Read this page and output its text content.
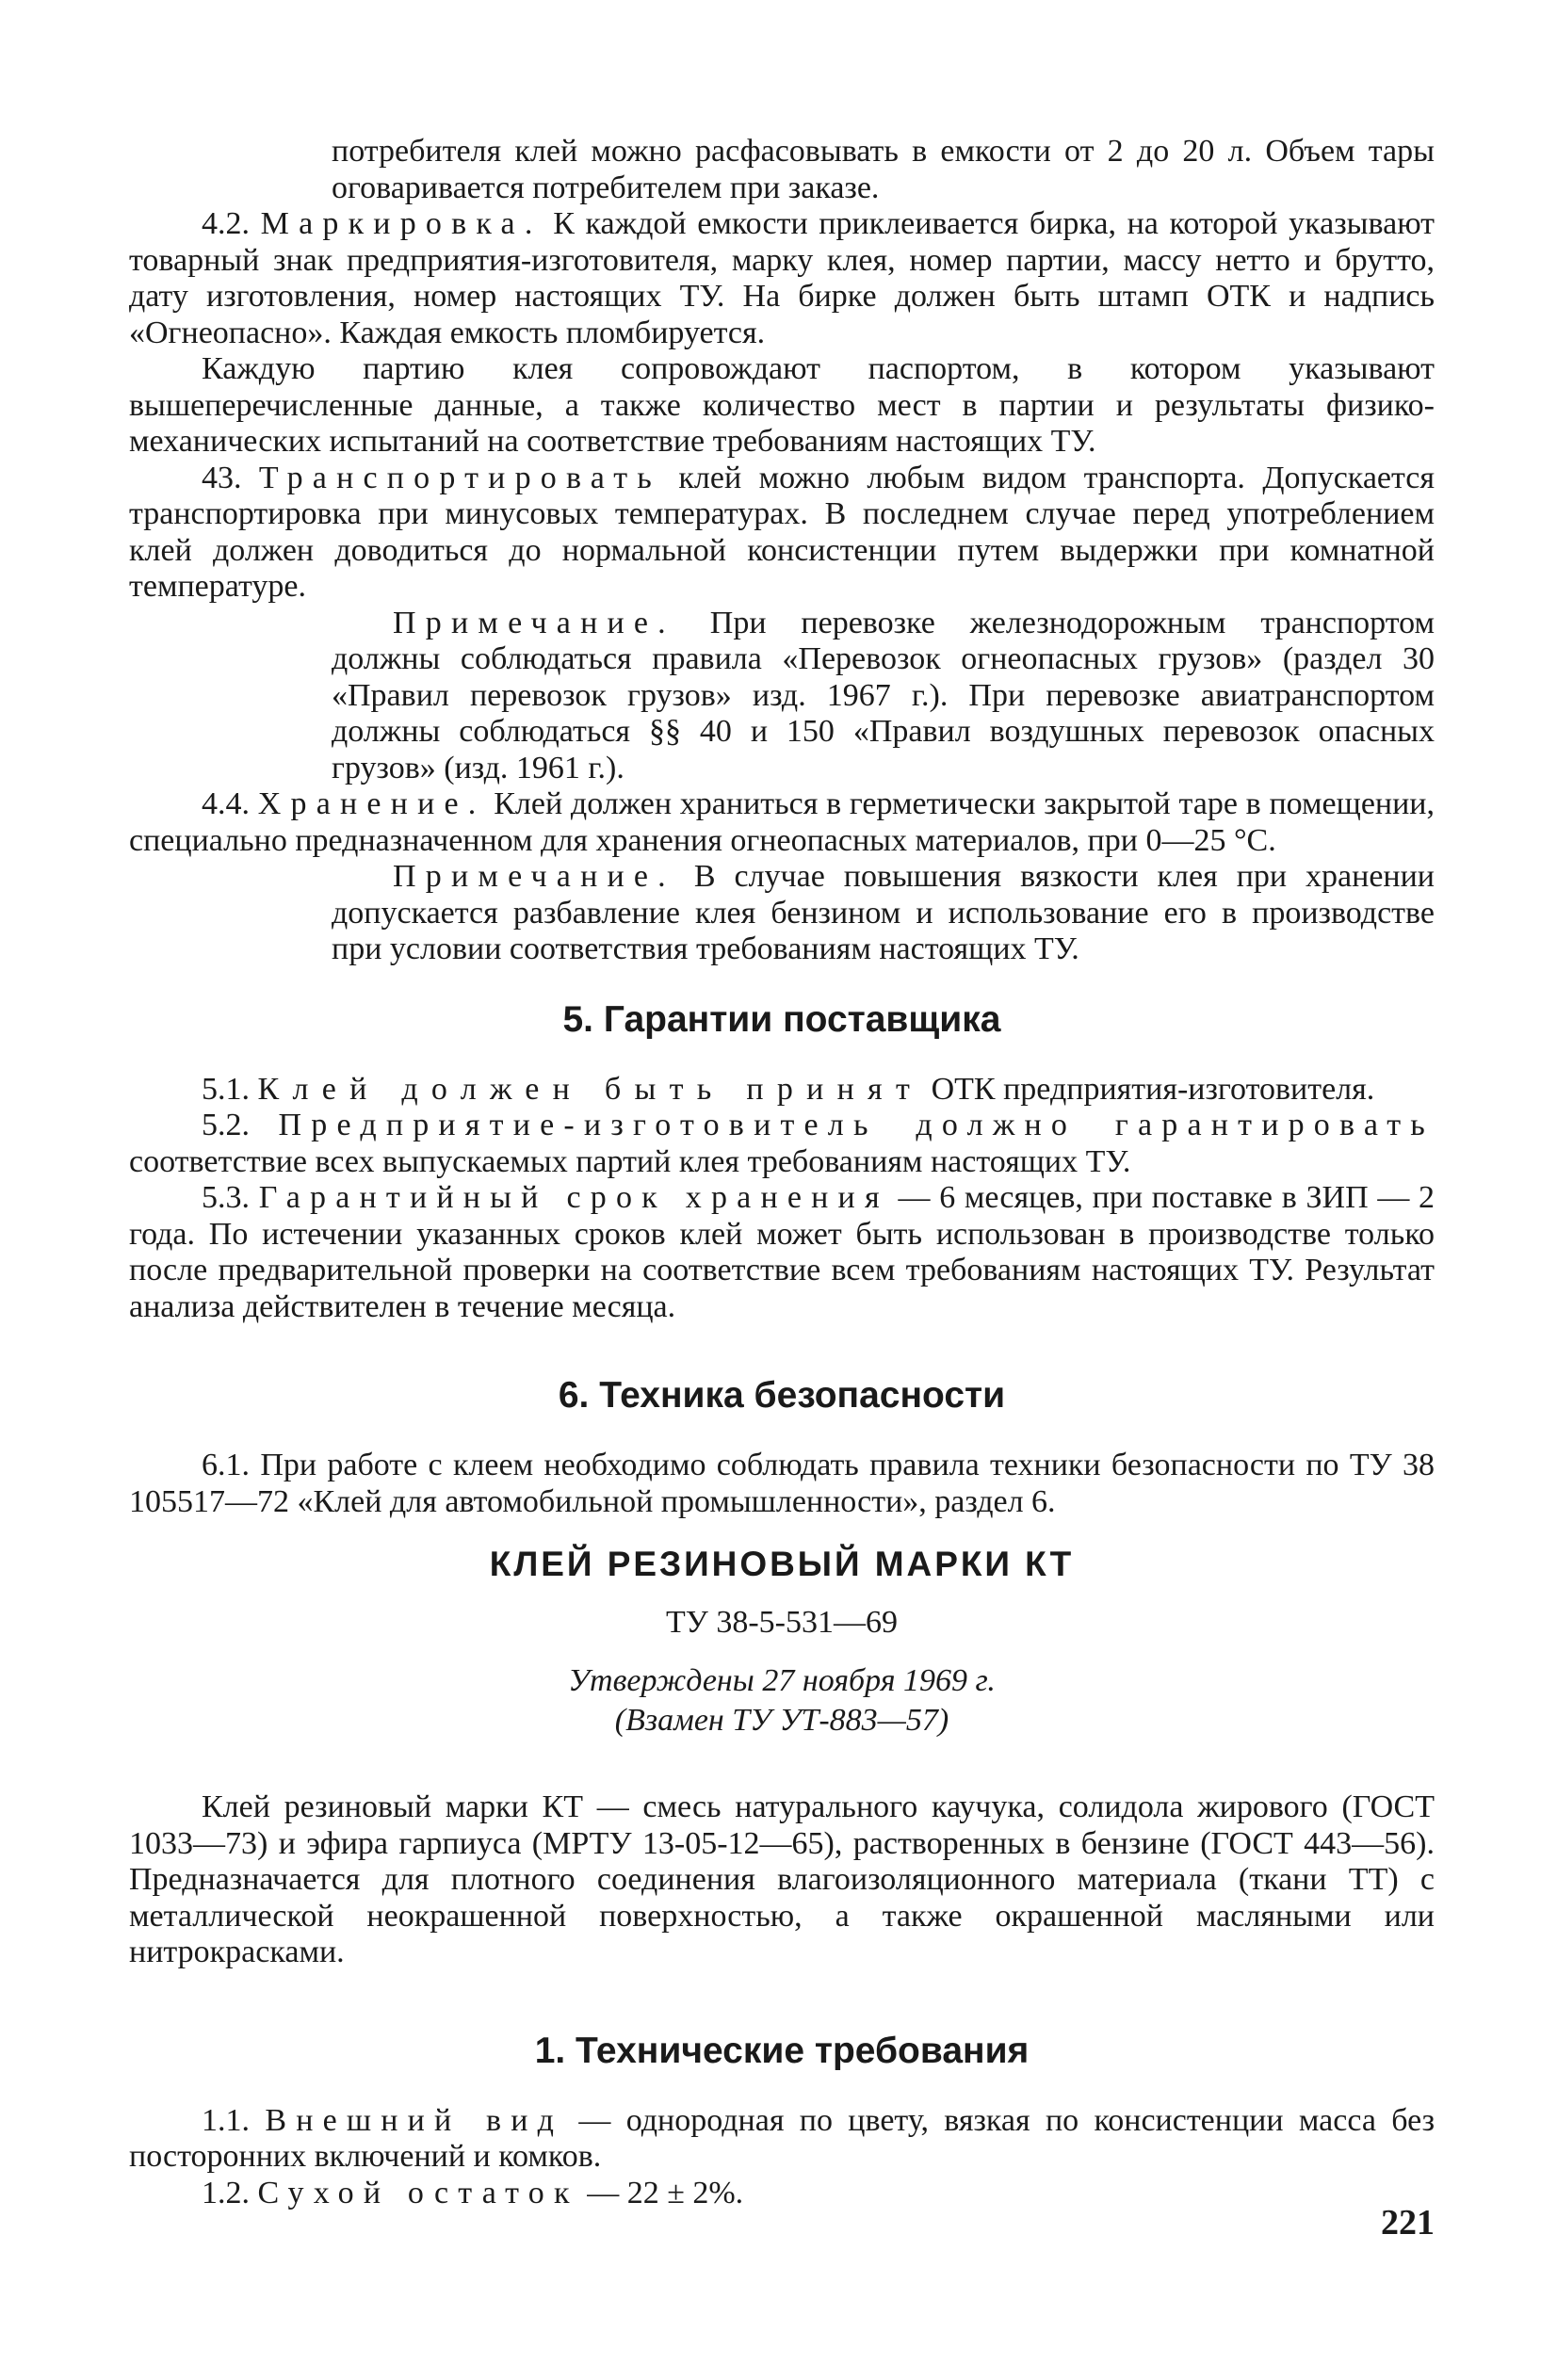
потребителя клей можно расфасовывать в емкости от 2 до 20 л. Объем тары оговаривается потребителем при заказе.

4.2. Маркировка. К каждой емкости приклеивается бирка, на которой указывают товарный знак предприятия-изготовителя, марку клея, номер партии, массу нетто и брутто, дату изготовления, номер настоящих ТУ. На бирке должен быть штамп ОТК и надпись «Огнеопасно». Каждая емкость пломбируется.

Каждую партию клея сопровождают паспортом, в котором указывают вышеперечисленные данные, а также количество мест в партии и результаты физико-механических испытаний на соответствие требованиям настоящих ТУ.

43. Транспортировать клей можно любым видом транспорта. Допускается транспортировка при минусовых температурах. В последнем случае перед употреблением клей должен доводиться до нормальной консистенции путем выдержки при комнатной температуре.

Примечание. При перевозке железнодорожным транспортом должны соблюдаться правила «Перевозок огнеопасных грузов» (раздел 30 «Правил перевозок грузов» изд. 1967 г.). При перевозке авиатранспортом должны соблюдаться §§ 40 и 150 «Правил воздушных перевозок опасных грузов» (изд. 1961 г.).

4.4. Хранение. Клей должен храниться в герметически закрытой таре в помещении, специально предназначенном для хранения огнеопасных материалов, при 0—25 °С.

Примечание. В случае повышения вязкости клея при хранении допускается разбавление клея бензином и использование его в производстве при условии соответствия требованиям настоящих ТУ.

5. Гарантии поставщика

5.1. Клей должен быть принят ОТК предприятия-изготовителя.

5.2. Предприятие-изготовитель должно гарантировать соответствие всех выпускаемых партий клея требованиям настоящих ТУ.

5.3. Гарантийный срок хранения — 6 месяцев, при поставке в ЗИП — 2 года. По истечении указанных сроков клей может быть использован в производстве только после предварительной проверки на соответствие всем требованиям настоящих ТУ. Результат анализа действителен в течение месяца.

6. Техника безопасности

6.1. При работе с клеем необходимо соблюдать правила техники безопасности по ТУ 38 105517—72 «Клей для автомобильной промышленности», раздел 6.

КЛЕЙ РЕЗИНОВЫЙ МАРКИ КТ
ТУ 38-5-531—69
Утверждены 27 ноября 1969 г.
(Взамен ТУ УТ-883—57)

Клей резиновый марки КТ — смесь натурального каучука, солидола жирового (ГОСТ 1033—73) и эфира гарпиуса (МРТУ 13-05-12—65), растворенных в бензине (ГОСТ 443—56). Предназначается для плотного соединения влагоизоляционного материала (ткани ТТ) с металлической неокрашенной поверхностью, а также окрашенной масляными или нитрокрасками.

1. Технические требования

1.1. Внешний вид — однородная по цвету, вязкая по консистенции масса без посторонних включений и комков.

1.2. Сухой остаток — 22 ± 2%.

221
